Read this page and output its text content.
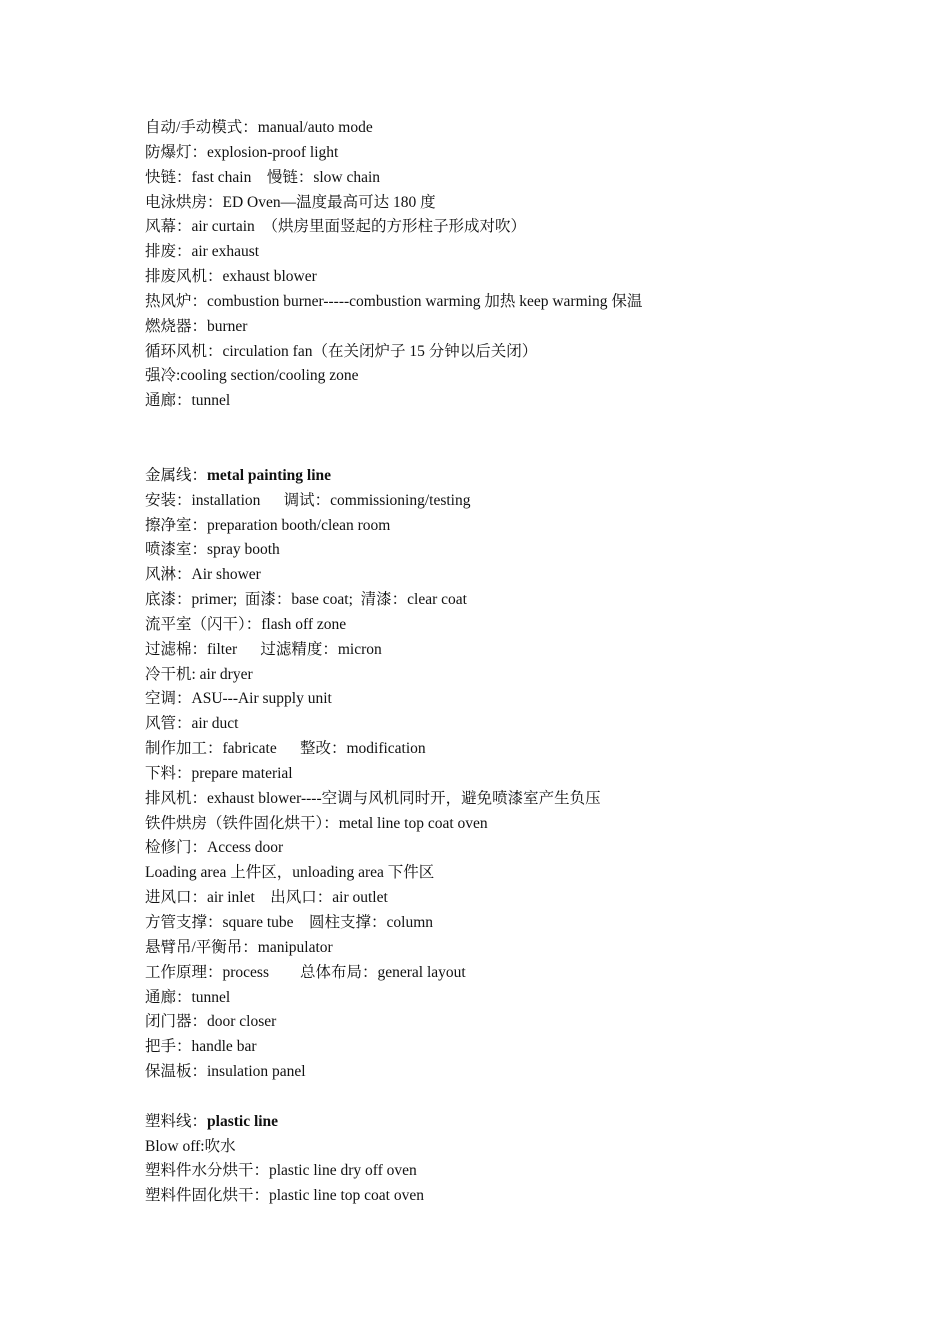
自动/手动模式：manual/auto mode
防爆灯：explosion-proof light
快链：fast chain    慢链：slow chain
电泳烘房：ED Oven—温度最高可达 180 度
风幕：air curtain  （烘房里面竖起的方形柱子形成对吹）
排废：air exhaust
排废风机：exhaust blower
热风炉：combustion burner-----combustion warming 加热 keep warming 保温
燃烧器：burner
循环风机：circulation fan（在关闭炉子 15 分钟以后关闭）
强冷:cooling section/cooling zone
通廊：tunnel
金属线：metal painting line
安装：installation      调试：commissioning/testing
擦净室：preparation booth/clean room
喷漆室：spray booth
风淋：Air shower
底漆：primer;  面漆：base coat;  清漆：clear coat
流平室（闪干）：flash off zone
过滤棉：filter      过滤精度：micron
冷干机: air dryer
空调：ASU---Air supply unit
风管：air duct
制作加工：fabricate      整改：modification
下料：prepare material
排风机：exhaust blower----空调与风机同时开，避免喷漆室产生负压
铁件烘房（铁件固化烘干）：metal line top coat oven
检修门：Access door
Loading area 上件区，unloading area 下件区
进风口：air inlet    出风口：air outlet
方管支撑：square tube    圆柱支撑：column
悬臂吊/平衡吊：manipulator
工作原理：process        总体布局：general layout
通廊：tunnel
闭门器：door closer
把手：handle bar
保温板：insulation panel
塑料线：plastic line
Blow off:吹水
塑料件水分烘干：plastic line dry off oven
塑料件固化烘干：plastic line top coat oven
